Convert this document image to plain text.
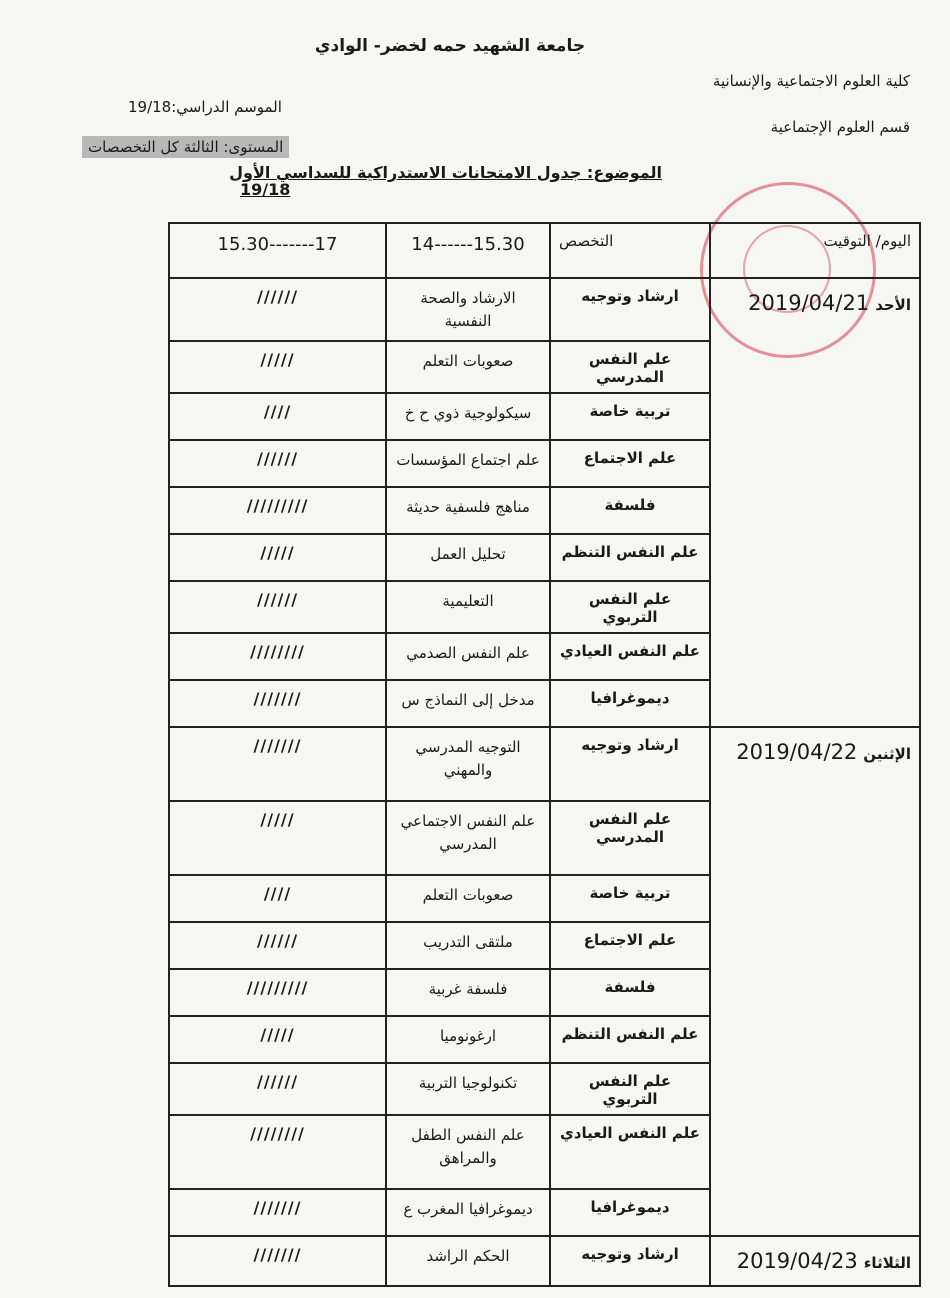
جامعة الشهيد حمه لخضر- الوادي
كلية العلوم الاجتماعية والإنسانية
قسم العلوم الإجتماعية
الموسم الدراسي:19/18
المستوى: الثالثة كل التخصصات
الموضوع: جدول الامتحانات الاستدراكية للسداسي الأول
19/18
اليوم/ التوقيت	التخصص	14------15.30	15.30-------17

الأحد
2019/04/21	ارشاد وتوجيه	الارشاد والصحة النفسية	//////

	علم النفس المدرسي	صعوبات التعلم	/////

	تربية خاصة	سيكولوجية ذوي ح خ	////

	علم الاجتماع	علم اجتماع المؤسسات	//////

	فلسفة	مناهج فلسفية حديثة	/////////

	علم النفس التنظم	تحليل العمل	/////

	علم النفس التربوي	التعليمية	//////

	علم النفس العيادي	علم النفس الصدمي	////////

	ديموغرافيا	مدخل إلى النماذج س	///////

الإثنين
2019/04/22	ارشاد وتوجيه	التوجيه المدرسي والمهني	///////

	علم النفس المدرسي	علم النفس الاجتماعي المدرسي	/////

	تربية خاصة	صعوبات التعلم	////

	علم الاجتماع	ملتقى التدريب	//////

	فلسفة	فلسفة غربية	/////////

	علم النفس التنظم	ارغونوميا	/////

	علم النفس التربوي	تكنولوجيا التربية	//////

	علم النفس العيادي	علم النفس الطفل والمراهق	////////

	ديموغرافيا	ديموغرافيا المغرب ع	///////

الثلاثاء
2019/04/23	ارشاد وتوجيه	الحكم الراشد	///////
